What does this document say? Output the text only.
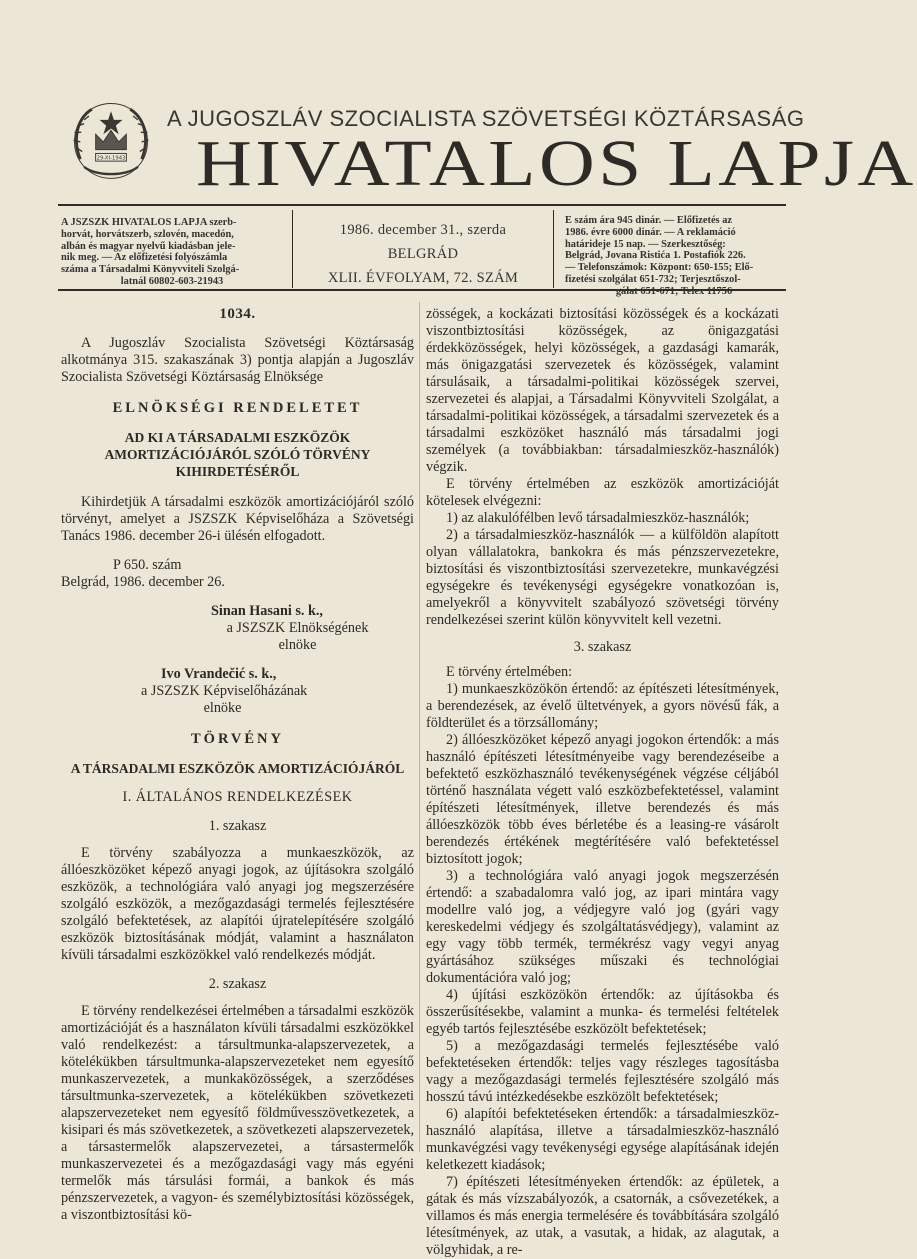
29-XI-1943
A JUGOSZLÁV SZOCIALISTA SZÖVETSÉGI KÖZTÁRSASÁG
HIVATALOS LAPJA
A JSZSZK HIVATALOS LAPJA szerb-
horvát, horvátszerb, szlovén, macedón,
albán és magyar nyelvű kiadásban jele-
nik meg. — Az előfizetési folyószámla
száma a Társadalmi Könyvviteli Szolgá-
latnál 60802-603-21943
1986. december 31., szerda
BELGRÁD
XLII. ÉVFOLYAM, 72. SZÁM
E szám ára 945 dinár. — Előfizetés az
1986. évre 6000 dinár. — A reklamáció
határideje 15 nap. — Szerkesztőség:
Belgrád, Jovana Ristića 1. Postafiók 226.
— Telefonszámok: Központ: 650-155; Elő-
fizetési szolgálat 651-732; Terjesztőszol-
gálat 651-671; Telex 11756

1034.

A Jugoszláv Szocialista Szövetségi Köztársaság alkotmánya 315. szakaszának 3) pontja alapján a Jugoszláv Szocialista Szövetségi Köztársaság Elnöksége

ELNÖKSÉGI RENDELETET

AD KI A TÁRSADALMI ESZKÖZÖK AMORTIZÁCIÓJÁRÓL SZÓLÓ TÖRVÉNY KIHIRDETÉSÉRŐL

Kihirdetjük A társadalmi eszközök amortizációjáról szóló törvényt, amelyet a JSZSZK Képviselőháza a Szövetségi Tanács 1986. december 26-i ülésén elfogadott.

P 650. szám

Belgrád, 1986. december 26.

Sinan Hasani s. k.,

a JSZSZK Elnökségének

elnöke

Ivo Vrandečić s. k.,

a JSZSZK Képviselőházának

elnöke

TÖRVÉNY

A TÁRSADALMI ESZKÖZÖK AMORTIZÁCIÓJÁRÓL

I. ÁLTALÁNOS RENDELKEZÉSEK

1. szakasz

E törvény szabályozza a munkaeszközök, az állóeszközöket képező anyagi jogok, az újításokra szolgáló eszközök, a technológiára való anyagi jog megszerzésére szolgáló eszközök, a mezőgazdasági termelés fejlesztésére szolgáló befektetések, az alapítói újratelepítésére szolgáló eszközök biztosításának módját, valamint a használaton kívüli társadalmi eszközökkel való rendelkezés módját.

2. szakasz

E törvény rendelkezései értelmében a társadalmi eszközök amortizációját és a használaton kívüli társadalmi eszközökkel való rendelkezést: a társultmunka-alapszervezetek, a kötelékükben társultmunka-alapszervezeteket nem egyesítő munkaszervezetek, a munkaközösségek, a szerződéses társultmunka-szervezetek, a kötelékükben szövetkezeti alapszervezeteket nem egyesítő földművesszövetkezetek, a kisipari és más szövetkezetek, a szövetkezeti alapszervezetek, a társastermelők alapszervezetei, a társastermelők munkaszervezetei és a mezőgazdasági vagy más egyéni termelők más társulási formái, a bankok és más pénzszervezetek, a vagyon- és személybiztosítási közösségek, a viszontbiztosítási kö-

zösségek, a kockázati biztosítási közösségek és a kockázati viszontbiztosítási közösségek, az önigazgatási érdekközösségek, helyi közösségek, a gazdasági kamarák, más önigazgatási szervezetek és közösségek, valamint társulásaik, a társadalmi-politikai közösségek szervei, szervezetei és alapjai, a Társadalmi Könyvviteli Szolgálat, a társadalmi-politikai közösségek, a társadalmi szervezetek és a társadalmi eszközöket használó más társadalmi jogi személyek (a továbbiakban: társadalmieszköz-használók) végzik.

E törvény értelmében az eszközök amortizációját kötelesek elvégezni:

1) az alakulófélben levő társadalmieszköz-használók;

2) a társadalmieszköz-használók — a külföldön alapított olyan vállalatokra, bankokra és más pénzszervezetekre, biztosítási és viszontbiztosítási szervezetekre, munkavégzési egységekre és tevékenységi egységekre vonatkozóan is, amelyekről a könyvvitelt szabályozó szövetségi törvény rendelkezései szerint külön könyvvitelt kell vezetni.

3. szakasz

E törvény értelmében:

1) munkaeszközökön értendő: az építészeti létesítmények, a berendezések, az évelő ültetvények, a gyors növésű fák, a földterület és a törzsállomány;

2) állóeszközöket képező anyagi jogokon értendők: a más használó építészeti létesítményeibe vagy berendezéseibe a befektető eszközhasználó tevékenységének végzése céljából történő használata végett való eszközbefektetéssel, valamint építészeti létesítmények, illetve berendezés és más állóeszközök több éves bérletébe és a leasing-re vásárolt berendezés értékének megtérítésére való befektetéssel biztosított jogok;

3) a technológiára való anyagi jogok megszerzésén értendő: a szabadalomra való jog, az ipari mintára vagy modellre való jog, a védjegyre való jog (gyári vagy kereskedelmi védjegy és szolgáltatásvédjegy), valamint az egy vagy több termék, termékrész vagy vegyi anyag gyártásához szükséges műszaki és technológiai dokumentációra való jog;

4) újítási eszközökön értendők: az újításokba és összerűsítésekbe, valamint a munka- és termelési feltételek egyéb tartós fejlesztésébe eszközölt befektetések;

5) a mezőgazdasági termelés fejlesztésébe való befektetéseken értendők: teljes vagy részleges tagosításba vagy a mezőgazdasági termelés fejlesztésére szolgáló más hosszú távú intézkedésekbe eszközölt befektetések;

6) alapítói befektetéseken értendők: a társadalmieszköz-használó alapítása, illetve a társadalmieszköz-használó munkavégzési vagy tevékenységi egysége alapításának idején keletkezett kiadások;

7) építészeti létesítményeken értendők: az épületek, a gátak és más vízszabályozók, a csatornák, a csővezetékek, a villamos és más energia termelésére és továbbítására szolgáló létesítmények, az utak, a vasutak, a hidak, az alagutak, a völgyhidak, a re-
